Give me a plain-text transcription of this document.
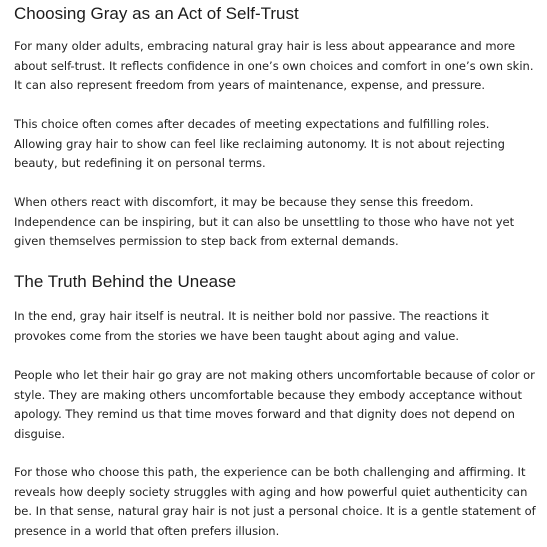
Choosing Gray as an Act of Self-Trust

For many older adults, embracing natural gray hair is less about appearance and more about self-trust. It reflects confidence in one’s own choices and comfort in one’s own skin. It can also represent freedom from years of maintenance, expense, and pressure.

This choice often comes after decades of meeting expectations and fulfilling roles. Allowing gray hair to show can feel like reclaiming autonomy. It is not about rejecting beauty, but redefining it on personal terms.

When others react with discomfort, it may be because they sense this freedom. Independence can be inspiring, but it can also be unsettling to those who have not yet given themselves permission to step back from external demands.

The Truth Behind the Unease

In the end, gray hair itself is neutral. It is neither bold nor passive. The reactions it provokes come from the stories we have been taught about aging and value.

People who let their hair go gray are not making others uncomfortable because of color or style. They are making others uncomfortable because they embody acceptance without apology. They remind us that time moves forward and that dignity does not depend on disguise.

For those who choose this path, the experience can be both challenging and affirming. It reveals how deeply society struggles with aging and how powerful quiet authenticity can be. In that sense, natural gray hair is not just a personal choice. It is a gentle statement of presence in a world that often prefers illusion.
